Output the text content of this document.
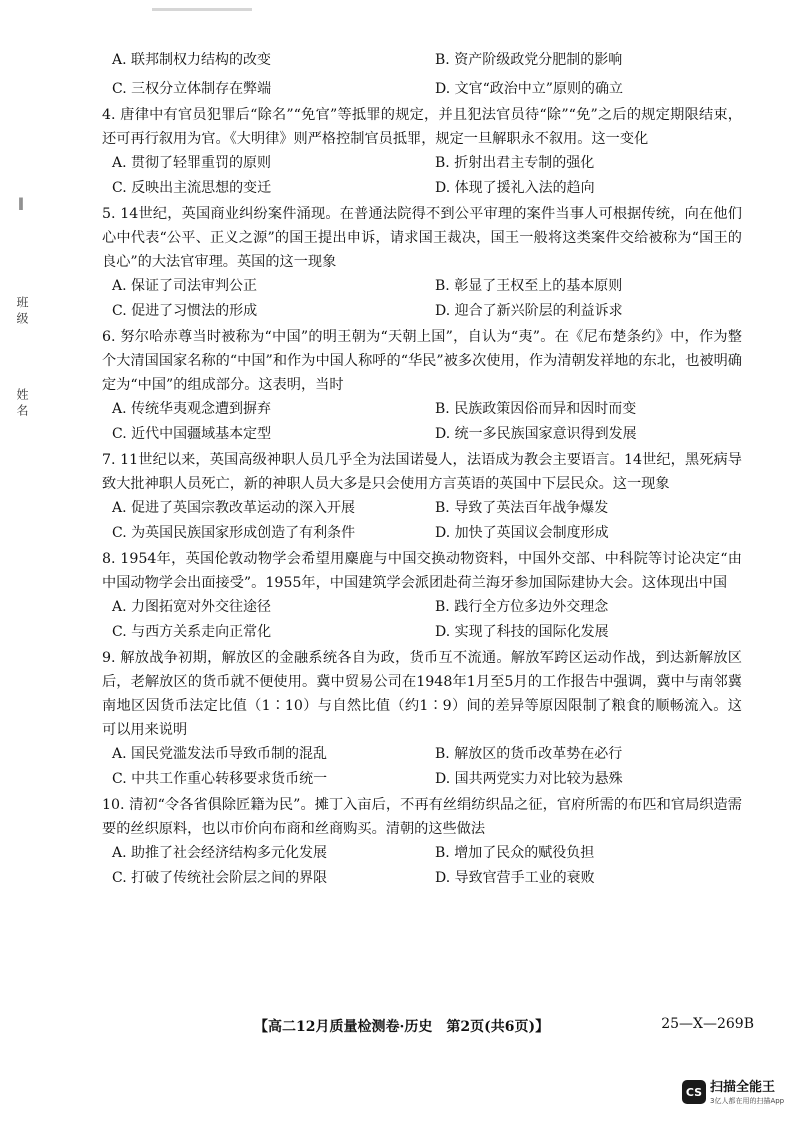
‖
班 级
姓 名
A. 联邦制权力结构的改变	B. 资产阶级政党分肥制的影响
C. 三权分立体制存在弊端	D. 文官“政治中立”原则的确立
4. 唐律中有官员犯罪后“除名”“免官”等抵罪的规定，并且犯法官员待“除”“免”之后的规定期限结束，还可再行叙用为官。《大明律》则严格控制官员抵罪，规定一旦解职永不叙用。这一变化
A. 贯彻了轻罪重罚的原则	B. 折射出君主专制的强化
C. 反映出主流思想的变迁	D. 体现了援礼入法的趋向
5. 14世纪，英国商业纠纷案件涌现。在普通法院得不到公平审理的案件当事人可根据传统，向在他们心中代表“公平、正义之源”的国王提出申诉，请求国王裁决，国王一般将这类案件交给被称为“国王的良心”的大法官审理。英国的这一现象
A. 保证了司法审判公正	B. 彰显了王权至上的基本原则
C. 促进了习惯法的形成	D. 迎合了新兴阶层的利益诉求
6. 努尔哈赤尊当时被称为“中国”的明王朝为“天朝上国”，自认为“夷”。在《尼布楚条约》中，作为整个大清国国家名称的“中国”和作为中国人称呼的“华民”被多次使用，作为清朝发祥地的东北，也被明确定为“中国”的组成部分。这表明，当时
A. 传统华夷观念遭到摒弃	B. 民族政策因俗而异和因时而变
C. 近代中国疆域基本定型	D. 统一多民族国家意识得到发展
7. 11世纪以来，英国高级神职人员几乎全为法国诺曼人，法语成为教会主要语言。14世纪，黑死病导致大批神职人员死亡，新的神职人员大多是只会使用方言英语的英国中下层民众。这一现象
A. 促进了英国宗教改革运动的深入开展	B. 导致了英法百年战争爆发
C. 为英国民族国家形成创造了有利条件	D. 加快了英国议会制度形成
8. 1954年，英国伦敦动物学会希望用麋鹿与中国交换动物资料，中国外交部、中科院等讨论决定“由中国动物学会出面接受”。1955年，中国建筑学会派团赴荷兰海牙参加国际建协大会。这体现出中国
A. 力图拓宽对外交往途径	B. 践行全方位多边外交理念
C. 与西方关系走向正常化	D. 实现了科技的国际化发展
9. 解放战争初期，解放区的金融系统各自为政，货币互不流通。解放军跨区运动作战，到达新解放区后，老解放区的货币就不便使用。冀中贸易公司在1948年1月至5月的工作报告中强调，冀中与南邻冀南地区因货币法定比值（1∶10）与自然比值（约1∶9）间的差异等原因限制了粮食的顺畅流入。这可以用来说明
A. 国民党滥发法币导致币制的混乱	B. 解放区的货币改革势在必行
C. 中共工作重心转移要求货币统一	D. 国共两党实力对比较为悬殊
10. 清初“令各省俱除匠籍为民”。摊丁入亩后，不再有丝绢纺织品之征，官府所需的布匹和官局织造需要的丝织原料，也以市价向布商和丝商购买。清朝的这些做法
A. 助推了社会经济结构多元化发展	B. 增加了民众的赋役负担
C. 打破了传统社会阶层之间的界限	D. 导致官营手工业的衰败
【高二12月质量检测卷·历史　第2页(共6页)】	25—X—269B
CS 扫描全能王
3亿人都在用的扫描App
